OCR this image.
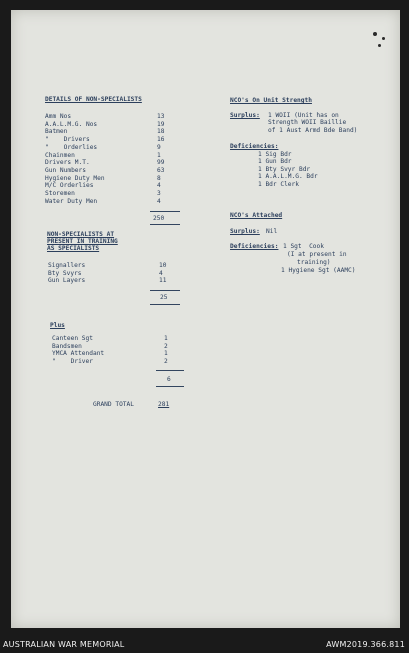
DETAILS OF NON-SPECIALISTS
Amm Nos	13
A.A.L.M.G. Nos	19
Batmen	18
"    Drivers	16
"    Orderlies	9
Chainmen	1
Drivers M.T.	99
Gun Numbers	63
Hygiene Duty Men	8
M/C Orderlies	4
Storemen	3
Water Duty Men	4
250
NON-SPECIALISTS AT
PRESENT IN TRAINING
AS SPECIALISTS
Signallers	10
Bty Svyrs	4
Gun Layers	11
25
Plus
Canteen Sgt	1
Bandsmen	2
YMCA Attendant	1
"    Driver	2
6
GRAND TOTAL	281
NCO's On Unit Strength
Surplus: 1 WOII (Unit has on
Strength WOII Baillie
of 1 Aust Armd Bde Band)
Deficiencies:
1 Sig Bdr
1 Gun Bdr
1 Bty Svyr Bdr
1 A.A.L.M.G. Bdr
1 Bdr Clerk
NCO's Attached
Surplus: Nil
Deficiencies: 1 Sgt  Cook
(I at present in
training)
1 Hygiene Sgt (AAMC)
AUSTRALIAN WAR MEMORIAL	AWM2019.366.811
